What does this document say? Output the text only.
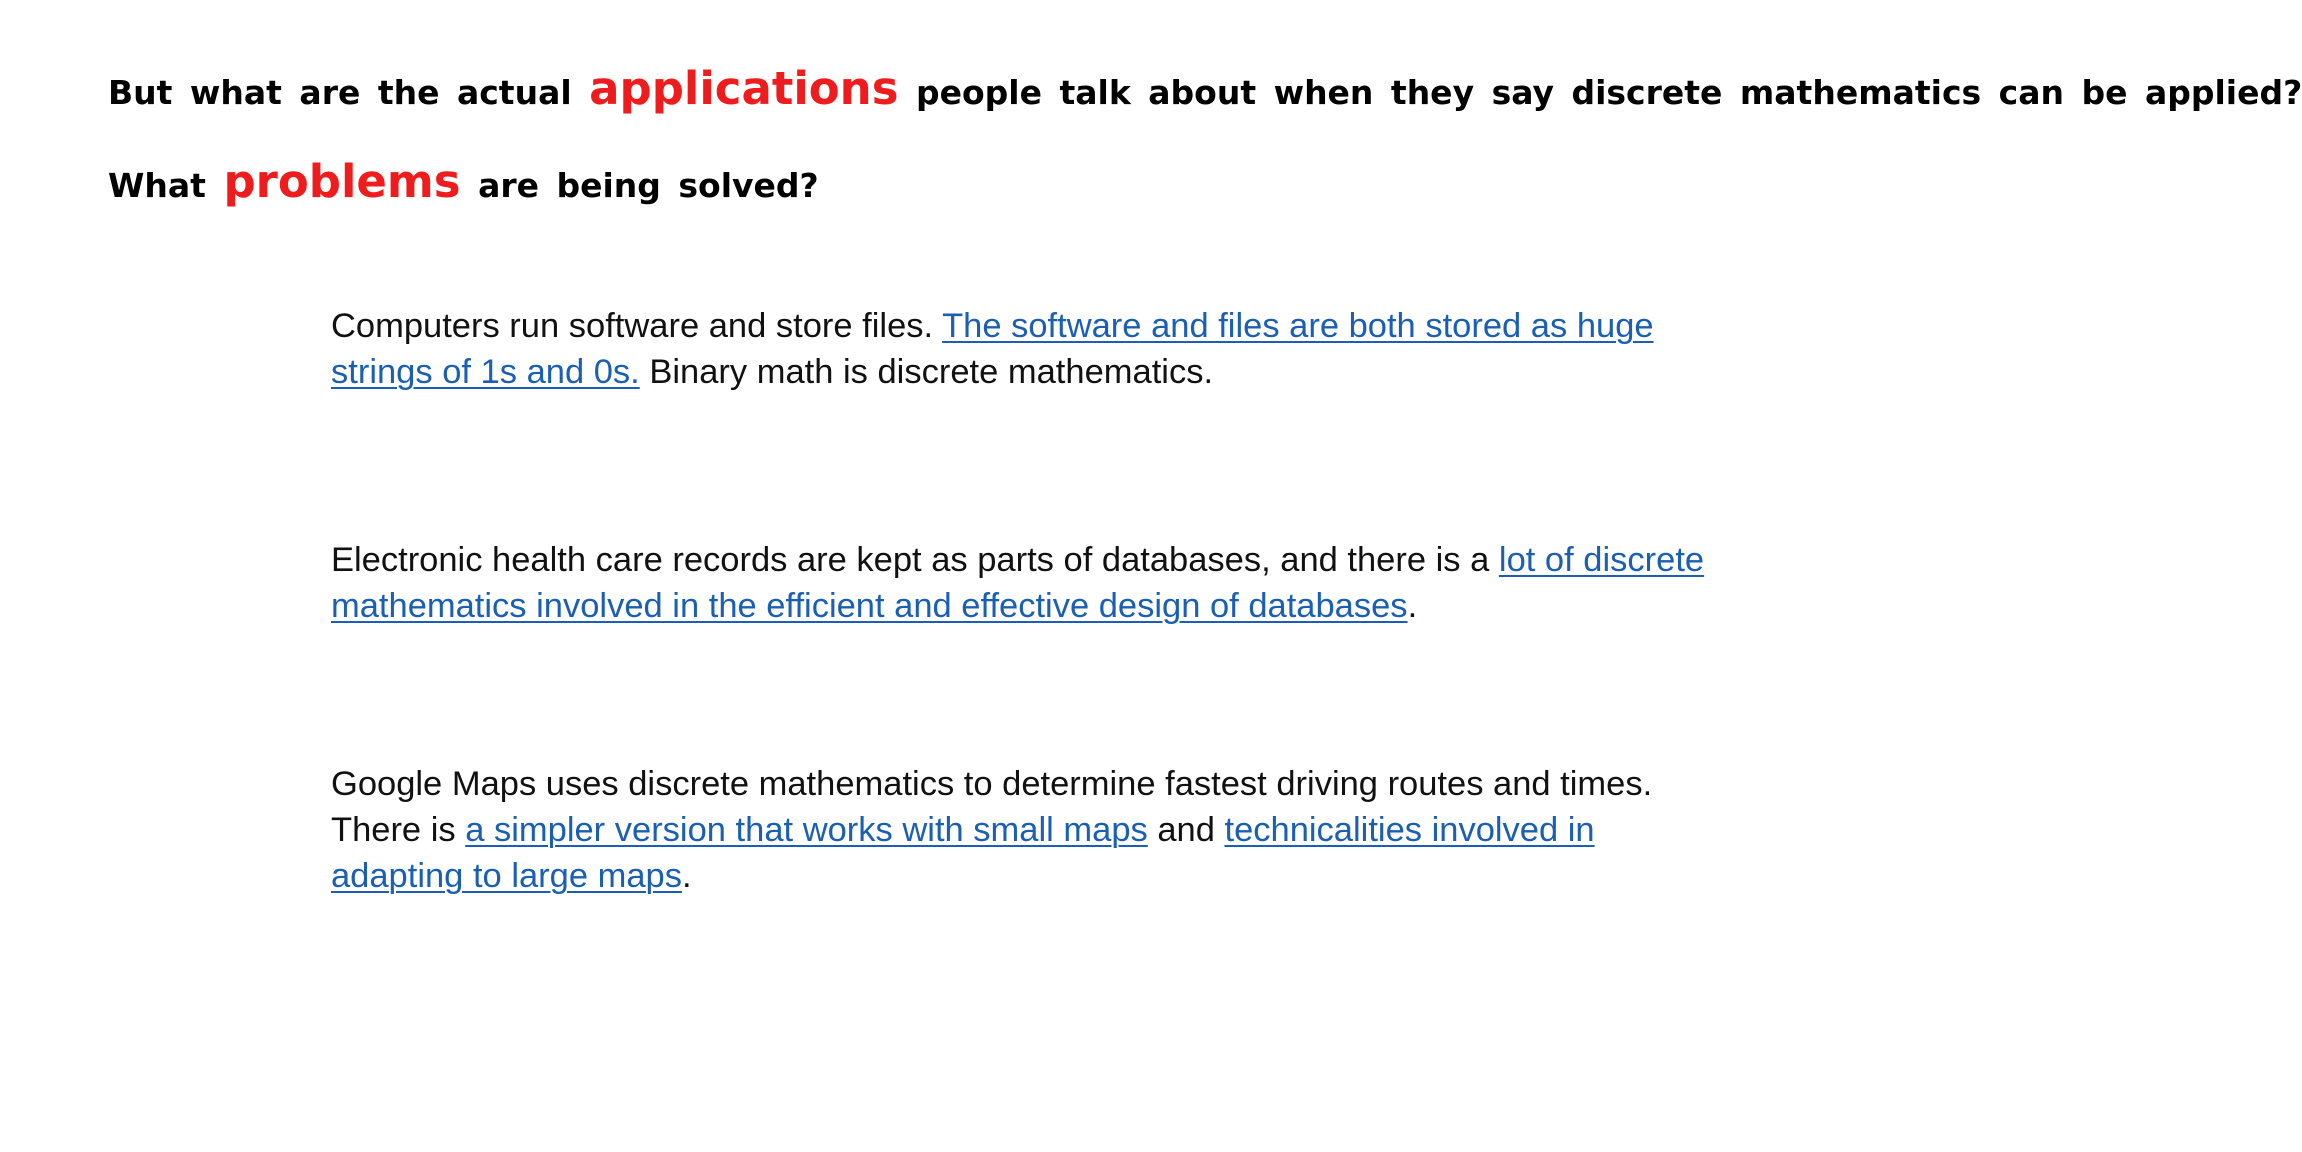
But what are the actual applications people talk about when they say discrete mathematics can be applied?
What problems are being solved?
Computers run software and store files. The software and files are both stored as huge strings of 1s and 0s. Binary math is discrete mathematics.
Electronic health care records are kept as parts of databases, and there is a lot of discrete mathematics involved in the efficient and effective design of databases.
Google Maps uses discrete mathematics to determine fastest driving routes and times. There is a simpler version that works with small maps and technicalities involved in adapting to large maps.
